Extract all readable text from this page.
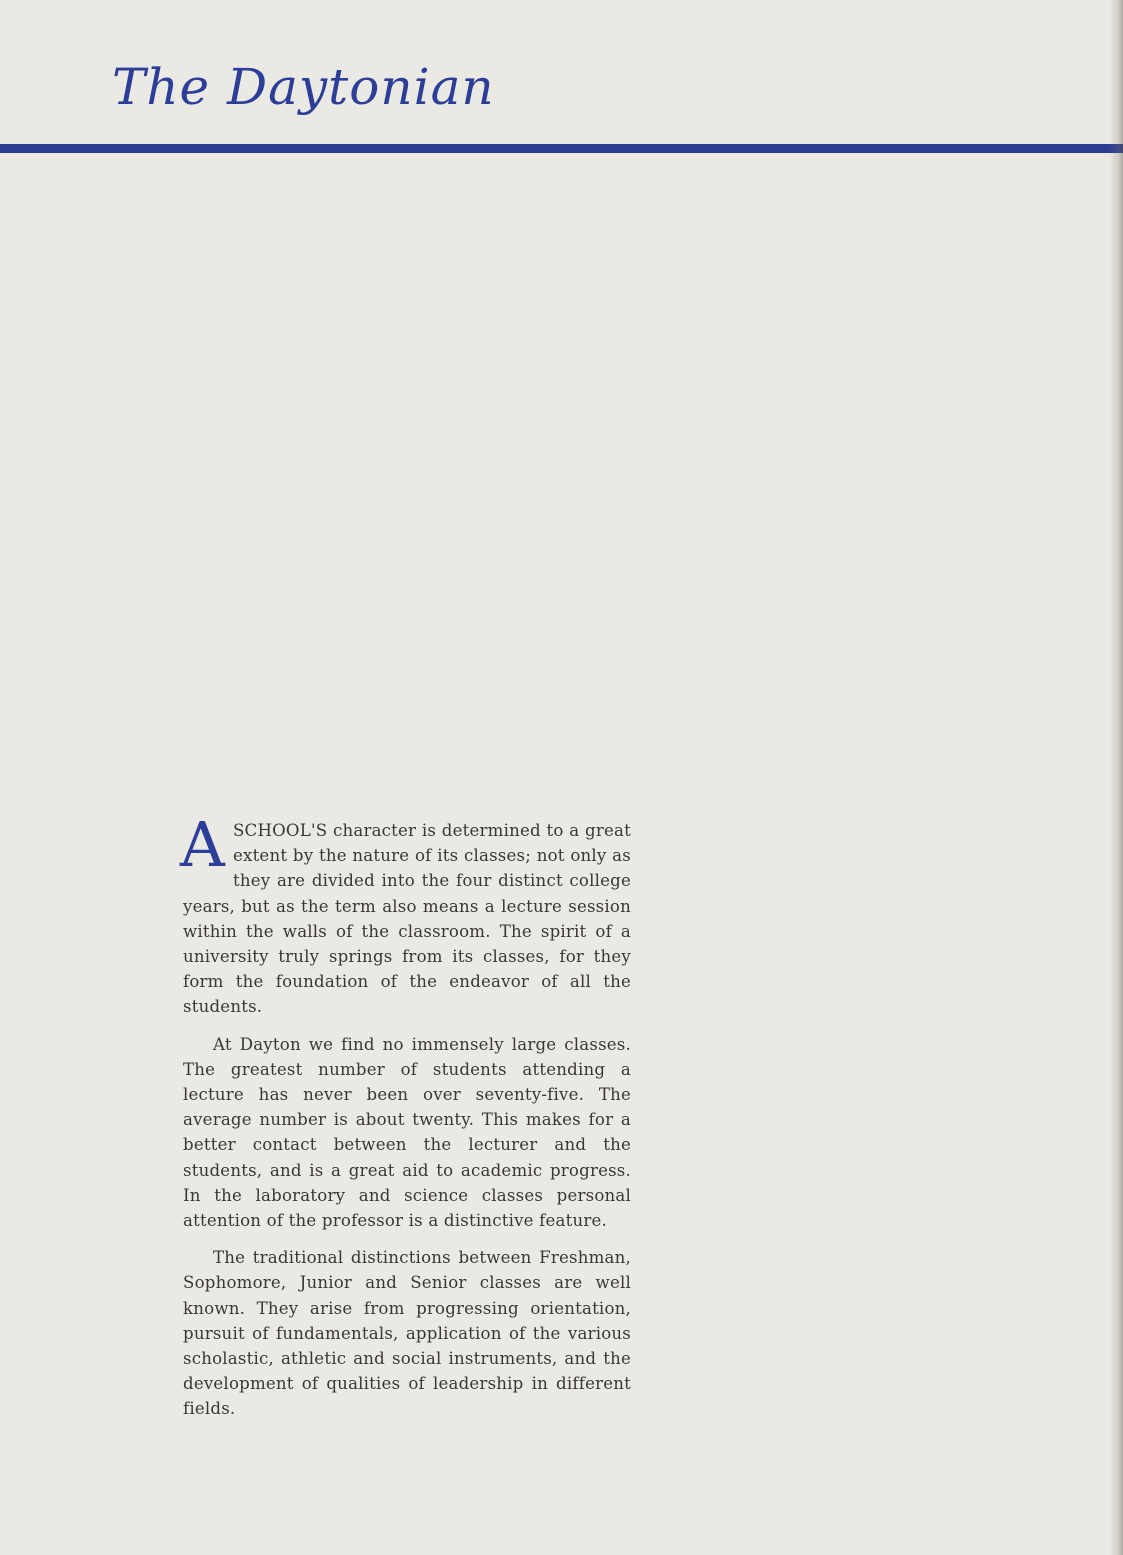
The Daytonian

ASCHOOL'S character is determined to a great extent by the nature of its classes; not only as they are divided into the four distinct college years, but as the term also means a lecture session within the walls of the classroom. The spirit of a university truly springs from its classes, for they form the foundation of the endeavor of all the students.

At Dayton we find no immensely large classes. The greatest number of students attending a lecture has never been over seventy-five. The average number is about twenty. This makes for a better contact between the lecturer and the students, and is a great aid to academic progress. In the laboratory and science classes personal attention of the professor is a distinctive feature.

The traditional distinctions between Freshman, Sophomore, Junior and Senior classes are well known. They arise from progressing orientation, pursuit of fundamentals, application of the various scholastic, athletic and social instruments, and the development of qualities of leadership in different fields.
